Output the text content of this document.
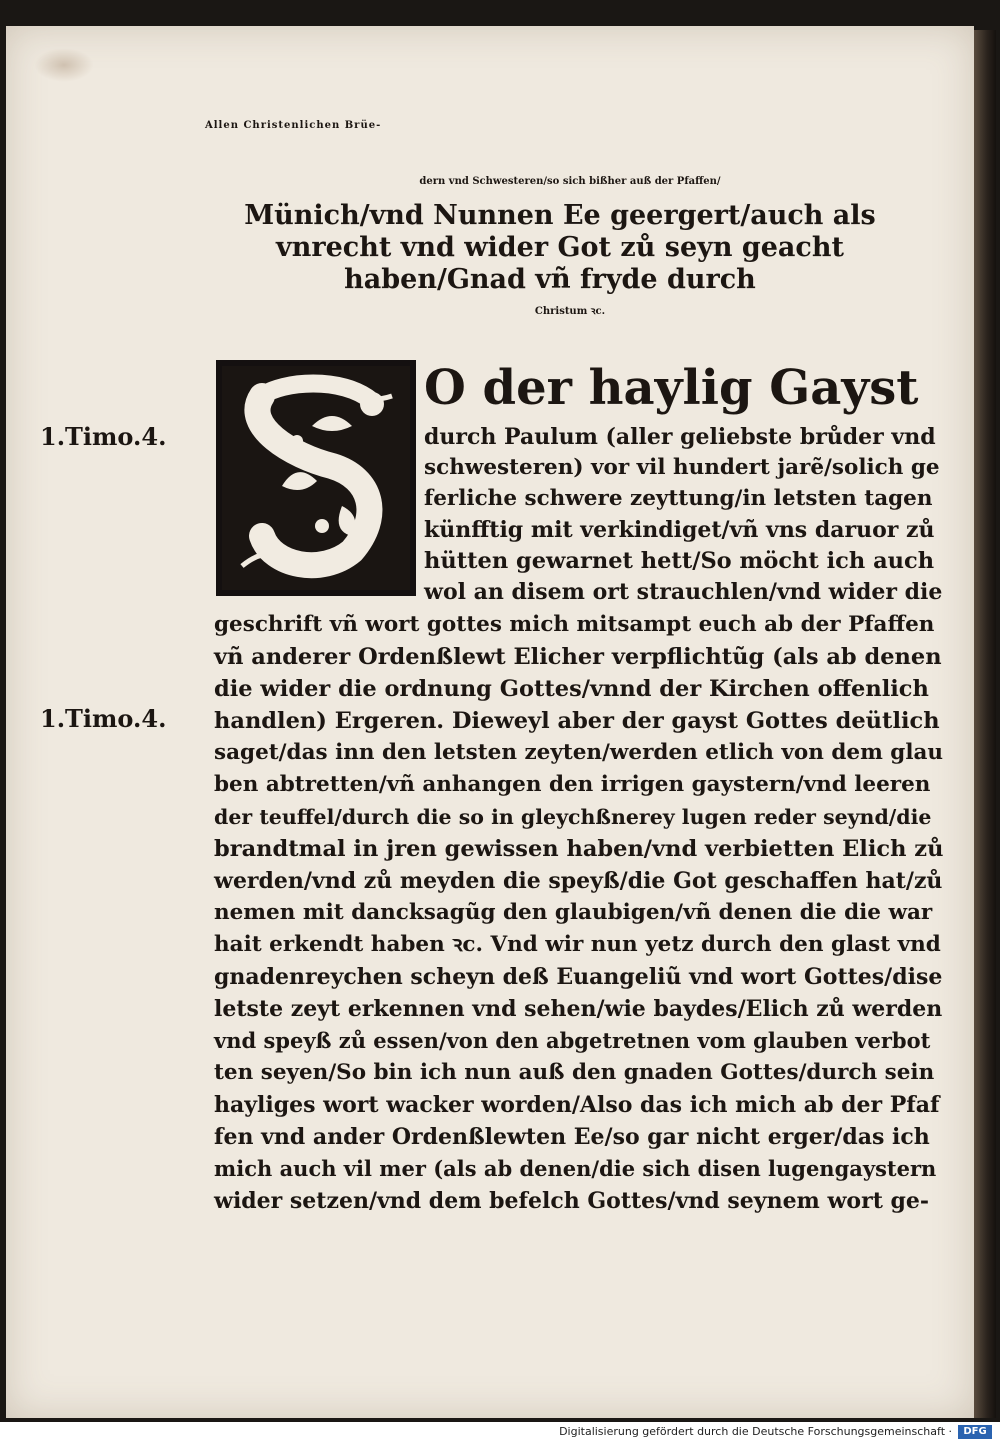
Allen Christenlichen Brüe-
dern vnd Schwesteren/so sich bißher auß der Pfaffen/
Münich/vnd Nunnen Ee geergert/auch als
vnrecht vnd wider Got zů seyn geacht
haben/Gnad vñ fryde durch
Christum ꝛc.
O der haylig Gayst
1.Timo.4.
1.Timo.4.
durch Paulum (aller geliebste brůder vnd
schwesteren) vor vil hundert jarẽ/solich ge
ferliche schwere zeyttung/in letsten tagen
künfftig mit verkindiget/vñ vns daruor zů
hütten gewarnet hett/So möcht ich auch
wol an disem ort strauchlen/vnd wider die
geschrift vñ wort gottes mich mitsampt euch ab der Pfaffen
vñ anderer Ordenßlewt Elicher verpflichtũg (als ab denen
die wider die ordnung Gottes/vnnd der Kirchen offenlich
handlen) Ergeren. Dieweyl aber der gayst Gottes deütlich
saget/das inn den letsten zeyten/werden etlich von dem glau
ben abtretten/vñ anhangen den irrigen gaystern/vnd leeren
der teuffel/durch die so in gleychßnerey lugen reder seynd/die
brandtmal in jren gewissen haben/vnd verbietten Elich zů
werden/vnd zů meyden die speyß/die Got geschaffen hat/zů
nemen mit dancksagũg den glaubigen/vñ denen die die war
hait erkendt haben ꝛc. Vnd wir nun yetz durch den glast vnd
gnadenreychen scheyn deß Euangeliũ vnd wort Gottes/dise
letste zeyt erkennen vnd sehen/wie baydes/Elich zů werden
vnd speyß zů essen/von den abgetretnen vom glauben verbot
ten seyen/So bin ich nun auß den gnaden Gottes/durch sein
hayliges wort wacker worden/Also das ich mich ab der Pfaf
fen vnd ander Ordenßlewten Ee/so gar nicht erger/das ich
mich auch vil mer (als ab denen/die sich disen lugengaystern
wider setzen/vnd dem befelch Gottes/vnd seynem wort ge-
Digitalisierung gefördert durch die Deutsche Forschungsgemeinschaft ·	DFG
